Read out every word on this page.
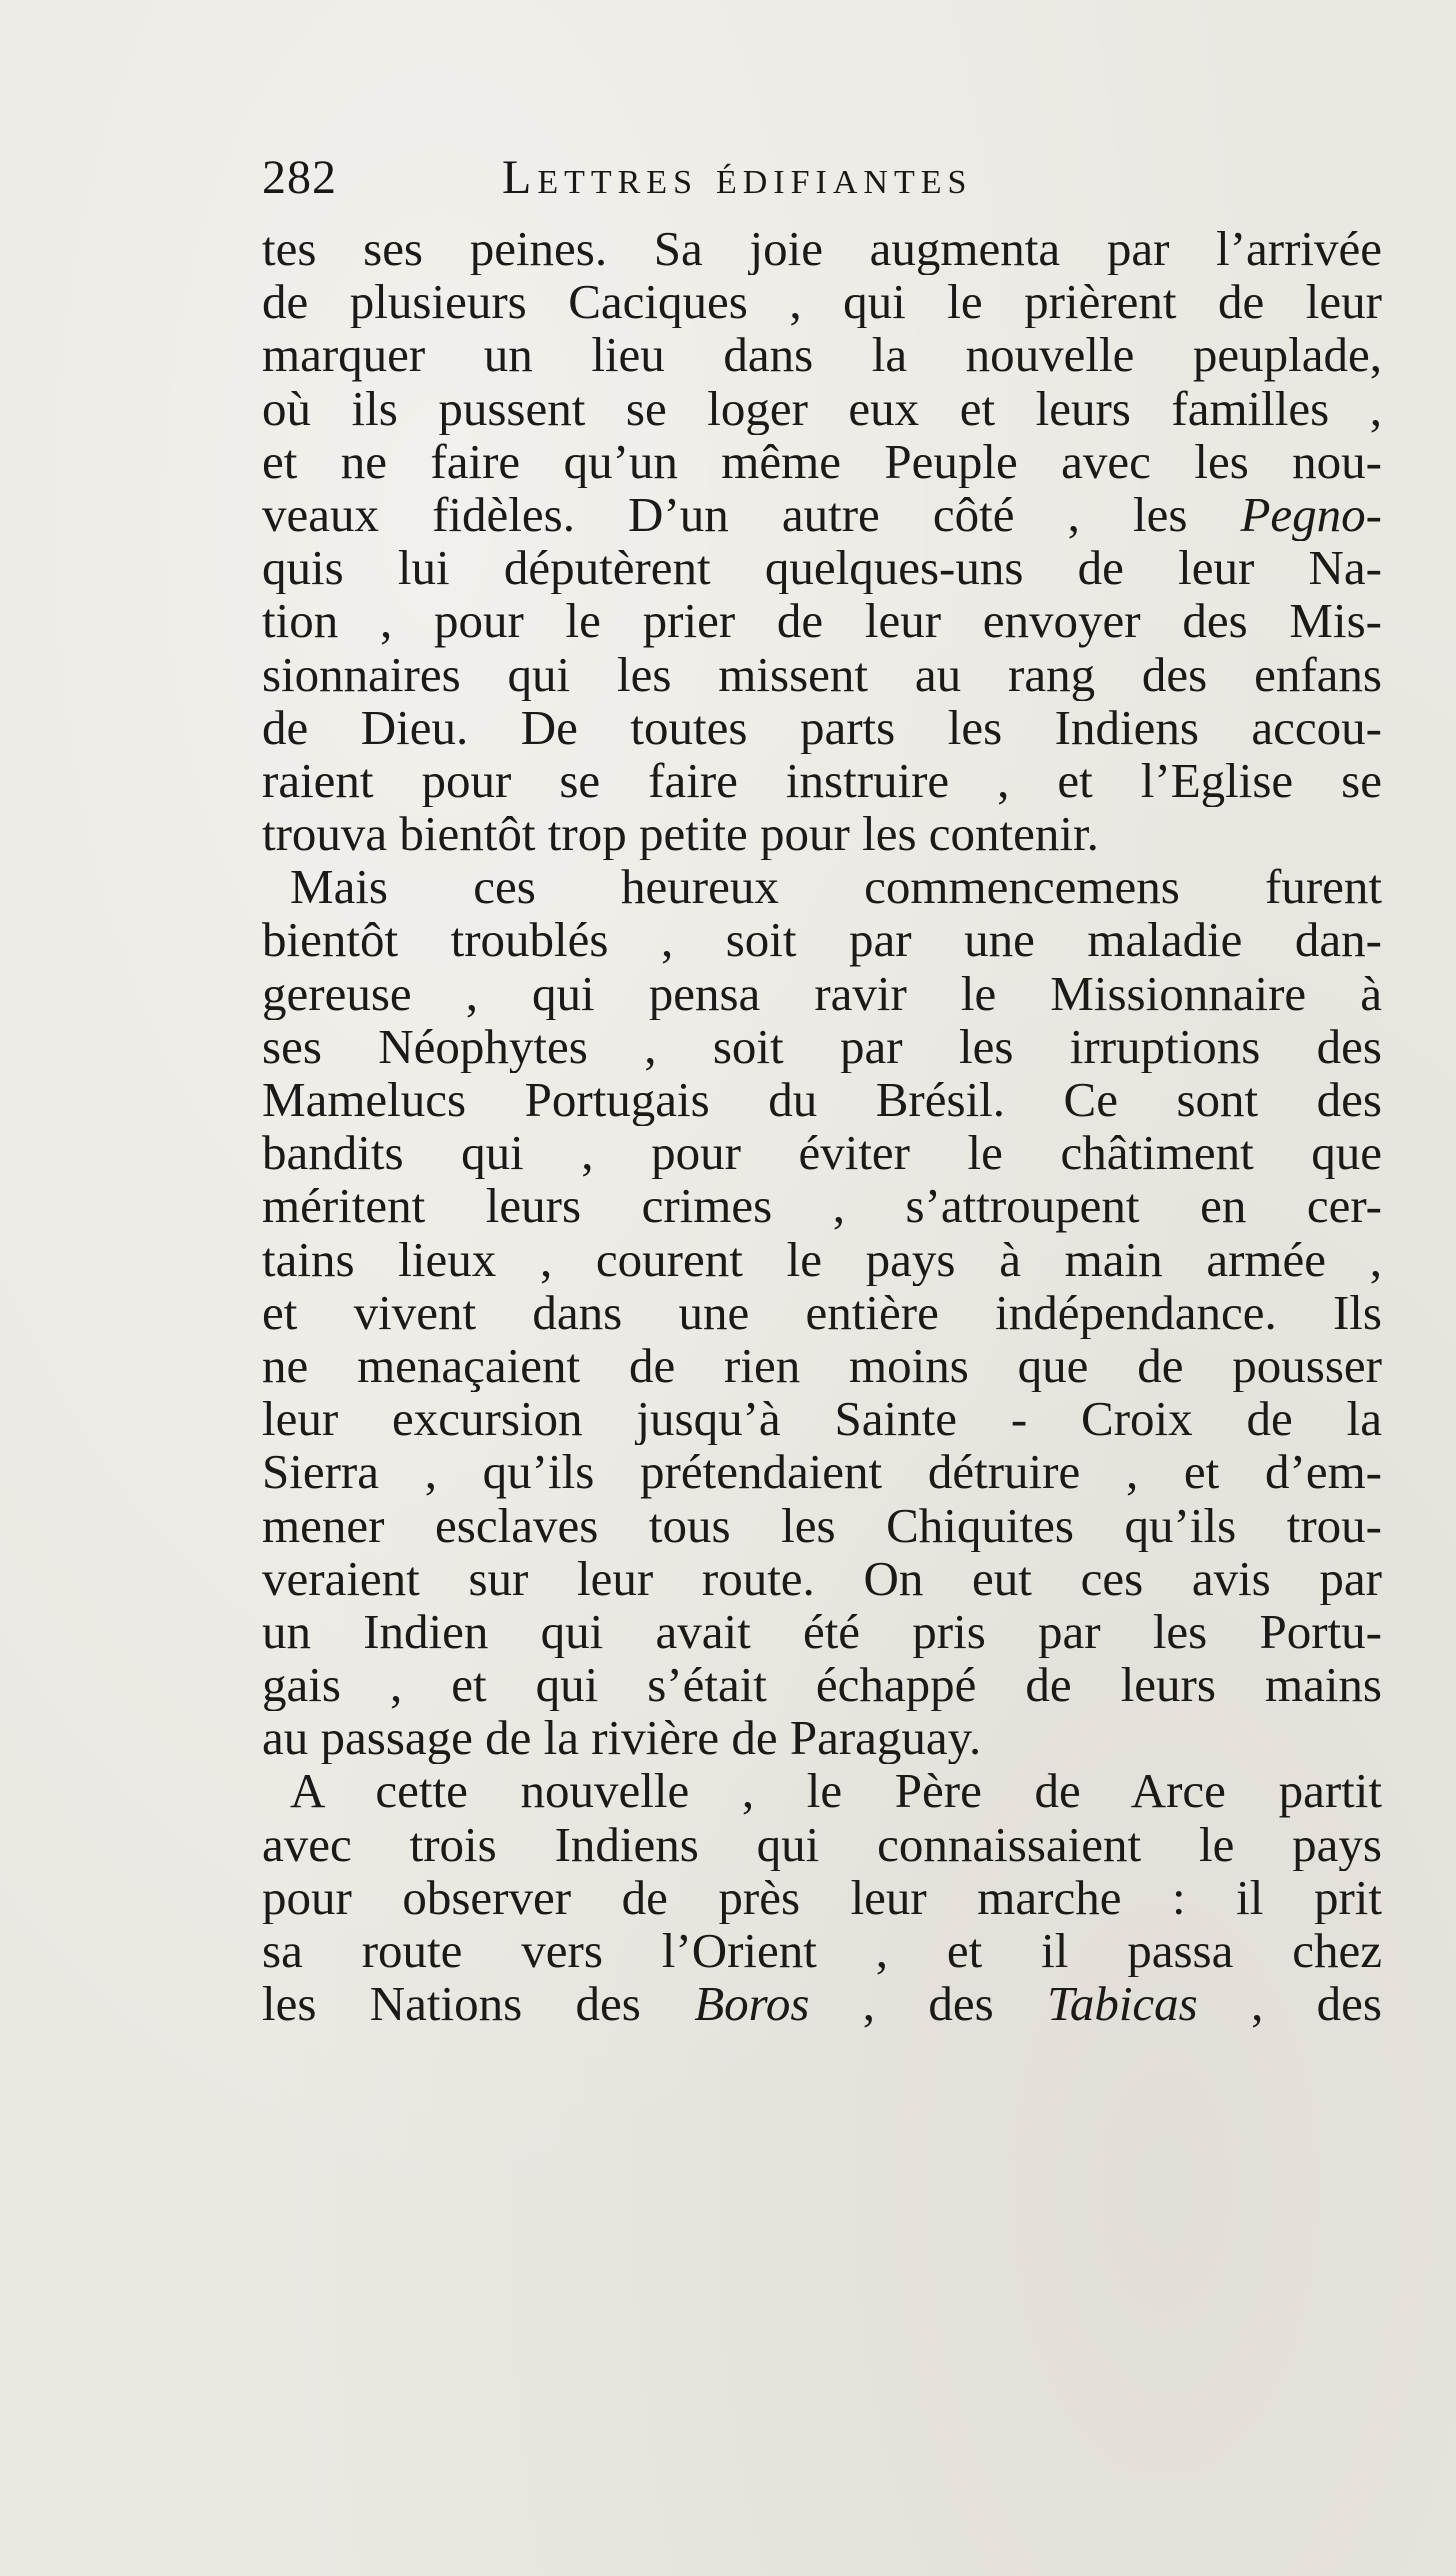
282	Lettres édifiantes
tes ses peines. Sa joie augmenta par l’arrivée
de plusieurs Caciques , qui le prièrent de leur
marquer un lieu dans la nouvelle peuplade,
où ils pussent se loger eux et leurs familles ,
et ne faire qu’un même Peuple avec les nou-
veaux fidèles. D’un autre côté , les Pegno-
quis lui députèrent quelques-uns de leur Na-
tion , pour le prier de leur envoyer des Mis-
sionnaires qui les missent au rang des enfans
de Dieu. De toutes parts les Indiens accou-
raient pour se faire instruire , et l’Eglise se
trouva bientôt trop petite pour les contenir.
Mais ces heureux commencemens furent
bientôt troublés , soit par une maladie dan-
gereuse , qui pensa ravir le Missionnaire à
ses Néophytes , soit par les irruptions des
Mamelucs Portugais du Brésil. Ce sont des
bandits qui , pour éviter le châtiment que
méritent leurs crimes , s’attroupent en cer-
tains lieux , courent le pays à main armée ,
et vivent dans une entière indépendance. Ils
ne menaçaient de rien moins que de pousser
leur excursion jusqu’à Sainte - Croix de la
Sierra , qu’ils prétendaient détruire , et d’em-
mener esclaves tous les Chiquites qu’ils trou-
veraient sur leur route. On eut ces avis par
un Indien qui avait été pris par les Portu-
gais , et qui s’était échappé de leurs mains
au passage de la rivière de Paraguay.
A cette nouvelle , le Père de Arce partit
avec trois Indiens qui connaissaient le pays
pour observer de près leur marche : il prit
sa route vers l’Orient , et il passa chez
les Nations des Boros , des Tabicas , des
